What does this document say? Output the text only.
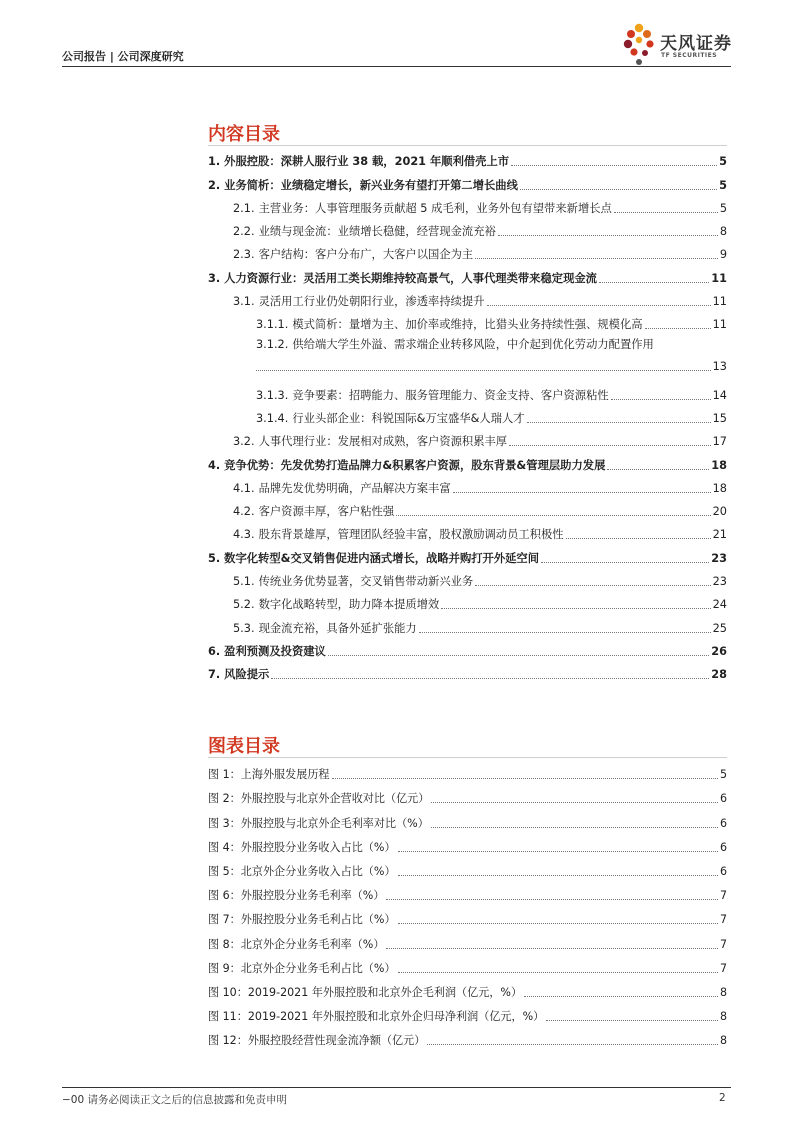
公司报告 | 公司深度研究
天风证券
TF SECURITIES
内容目录
1. 外服控股：深耕人服行业 38 载，2021 年顺利借壳上市	5
2. 业务简析：业绩稳定增长，新兴业务有望打开第二增长曲线	5
2.1. 主营业务：人事管理服务贡献超 5 成毛利，业务外包有望带来新增长点	5
2.2. 业绩与现金流：业绩增长稳健，经营现金流充裕	8
2.3. 客户结构：客户分布广，大客户以国企为主	9
3. 人力资源行业：灵活用工类长期维持较高景气，人事代理类带来稳定现金流	11
3.1. 灵活用工行业仍处朝阳行业，渗透率持续提升	11
3.1.1. 模式简析：量增为主、加价率或维持，比猎头业务持续性强、规模化高	11
3.1.2. 供给端大学生外溢、需求端企业转移风险，中介起到优化劳动力配置作用
13
3.1.3. 竞争要素：招聘能力、服务管理能力、资金支持、客户资源粘性	14
3.1.4. 行业头部企业：科锐国际&万宝盛华&人瑞人才	15
3.2. 人事代理行业：发展相对成熟，客户资源积累丰厚	17
4. 竞争优势：先发优势打造品牌力&积累客户资源，股东背景&管理层助力发展	18
4.1. 品牌先发优势明确，产品解决方案丰富	18
4.2. 客户资源丰厚，客户粘性强	20
4.3. 股东背景雄厚，管理团队经验丰富，股权激励调动员工积极性	21
5. 数字化转型&交叉销售促进内涵式增长，战略并购打开外延空间	23
5.1. 传统业务优势显著，交叉销售带动新兴业务	23
5.2. 数字化战略转型，助力降本提质增效	24
5.3. 现金流充裕，具备外延扩张能力	25
6. 盈利预测及投资建议	26
7. 风险提示	28
图表目录
图 1：上海外服发展历程	5
图 2：外服控股与北京外企营收对比（亿元）	6
图 3：外服控股与北京外企毛利率对比（%）	6
图 4：外服控股分业务收入占比（%）	6
图 5：北京外企分业务收入占比（%）	6
图 6：外服控股分业务毛利率（%）	7
图 7：外服控股分业务毛利占比（%）	7
图 8：北京外企分业务毛利率（%）	7
图 9：北京外企分业务毛利占比（%）	7
图 10：2019-2021 年外服控股和北京外企毛利润（亿元，%）	8
图 11：2019-2021 年外服控股和北京外企归母净利润（亿元，%）	8
图 12：外服控股经营性现金流净额（亿元）	8
−00 请务必阅读正文之后的信息披露和免责申明	2
